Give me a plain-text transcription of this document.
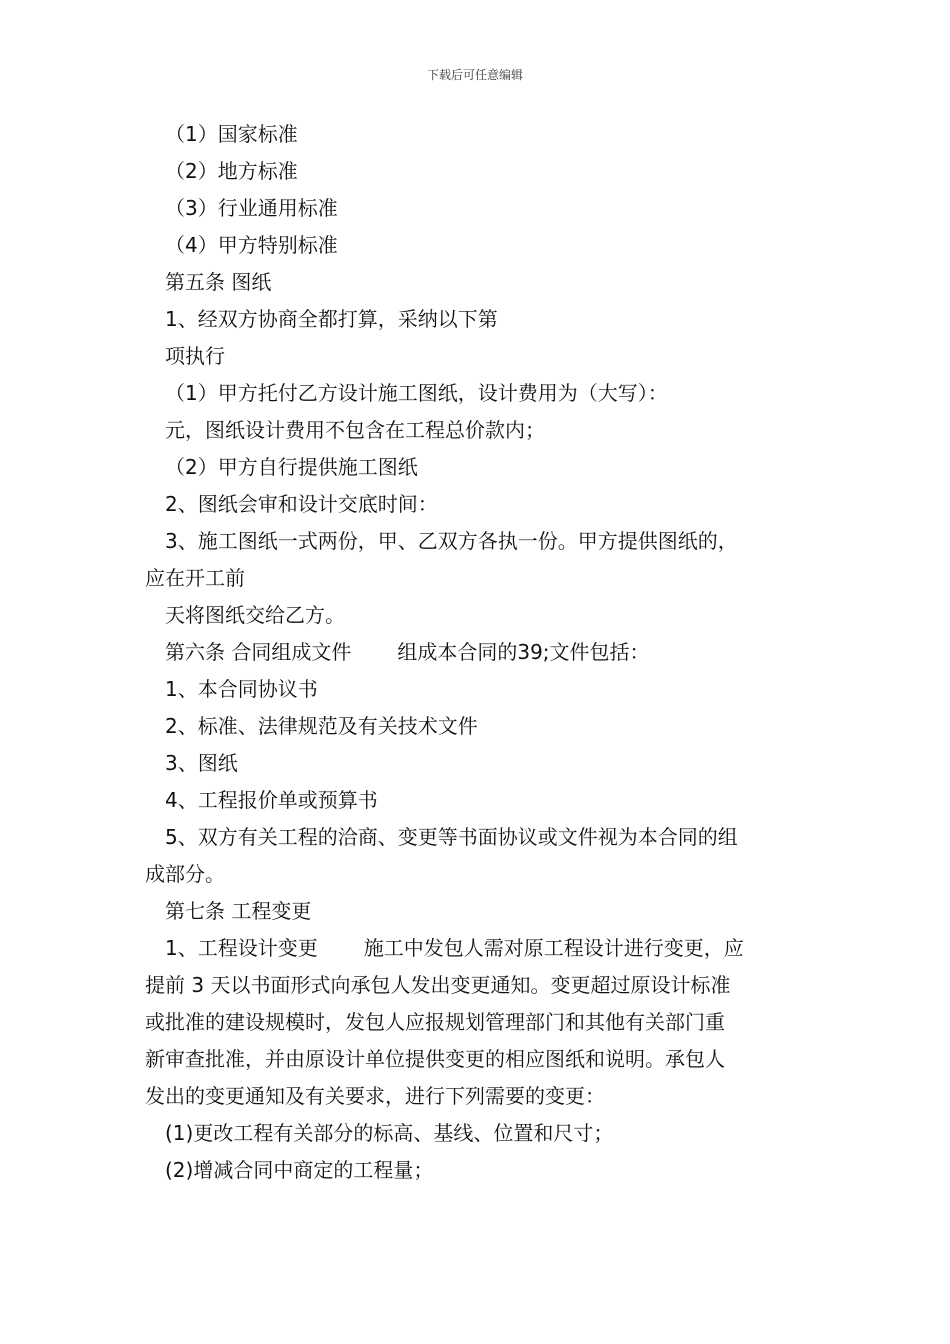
下载后可任意编辑
（1）国家标准
（2）地方标准
（3）行业通用标准
（4）甲方特别标准
第五条 图纸
1、经双方协商全都打算，采纳以下第
项执行
（1）甲方托付乙方设计施工图纸，设计费用为（大写）：
元，图纸设计费用不包含在工程总价款内；
（2）甲方自行提供施工图纸
2、图纸会审和设计交底时间：
3、施工图纸一式两份，甲、乙双方各执一份。甲方提供图纸的，
应在开工前
天将图纸交给乙方。
第六条 合同组成文件 组成本合同的39;文件包括：
1、本合同协议书
2、标准、法律规范及有关技术文件
3、图纸
4、工程报价单或预算书
5、双方有关工程的洽商、变更等书面协议或文件视为本合同的组
成部分。
第七条 工程变更
1、工程设计变更 施工中发包人需对原工程设计进行变更，应
提前 3 天以书面形式向承包人发出变更通知。变更超过原设计标准
或批准的建设规模时，发包人应报规划管理部门和其他有关部门重
新审查批准，并由原设计单位提供变更的相应图纸和说明。承包人
发出的变更通知及有关要求，进行下列需要的变更：
(1)更改工程有关部分的标高、基线、位置和尺寸；
(2)增减合同中商定的工程量；
